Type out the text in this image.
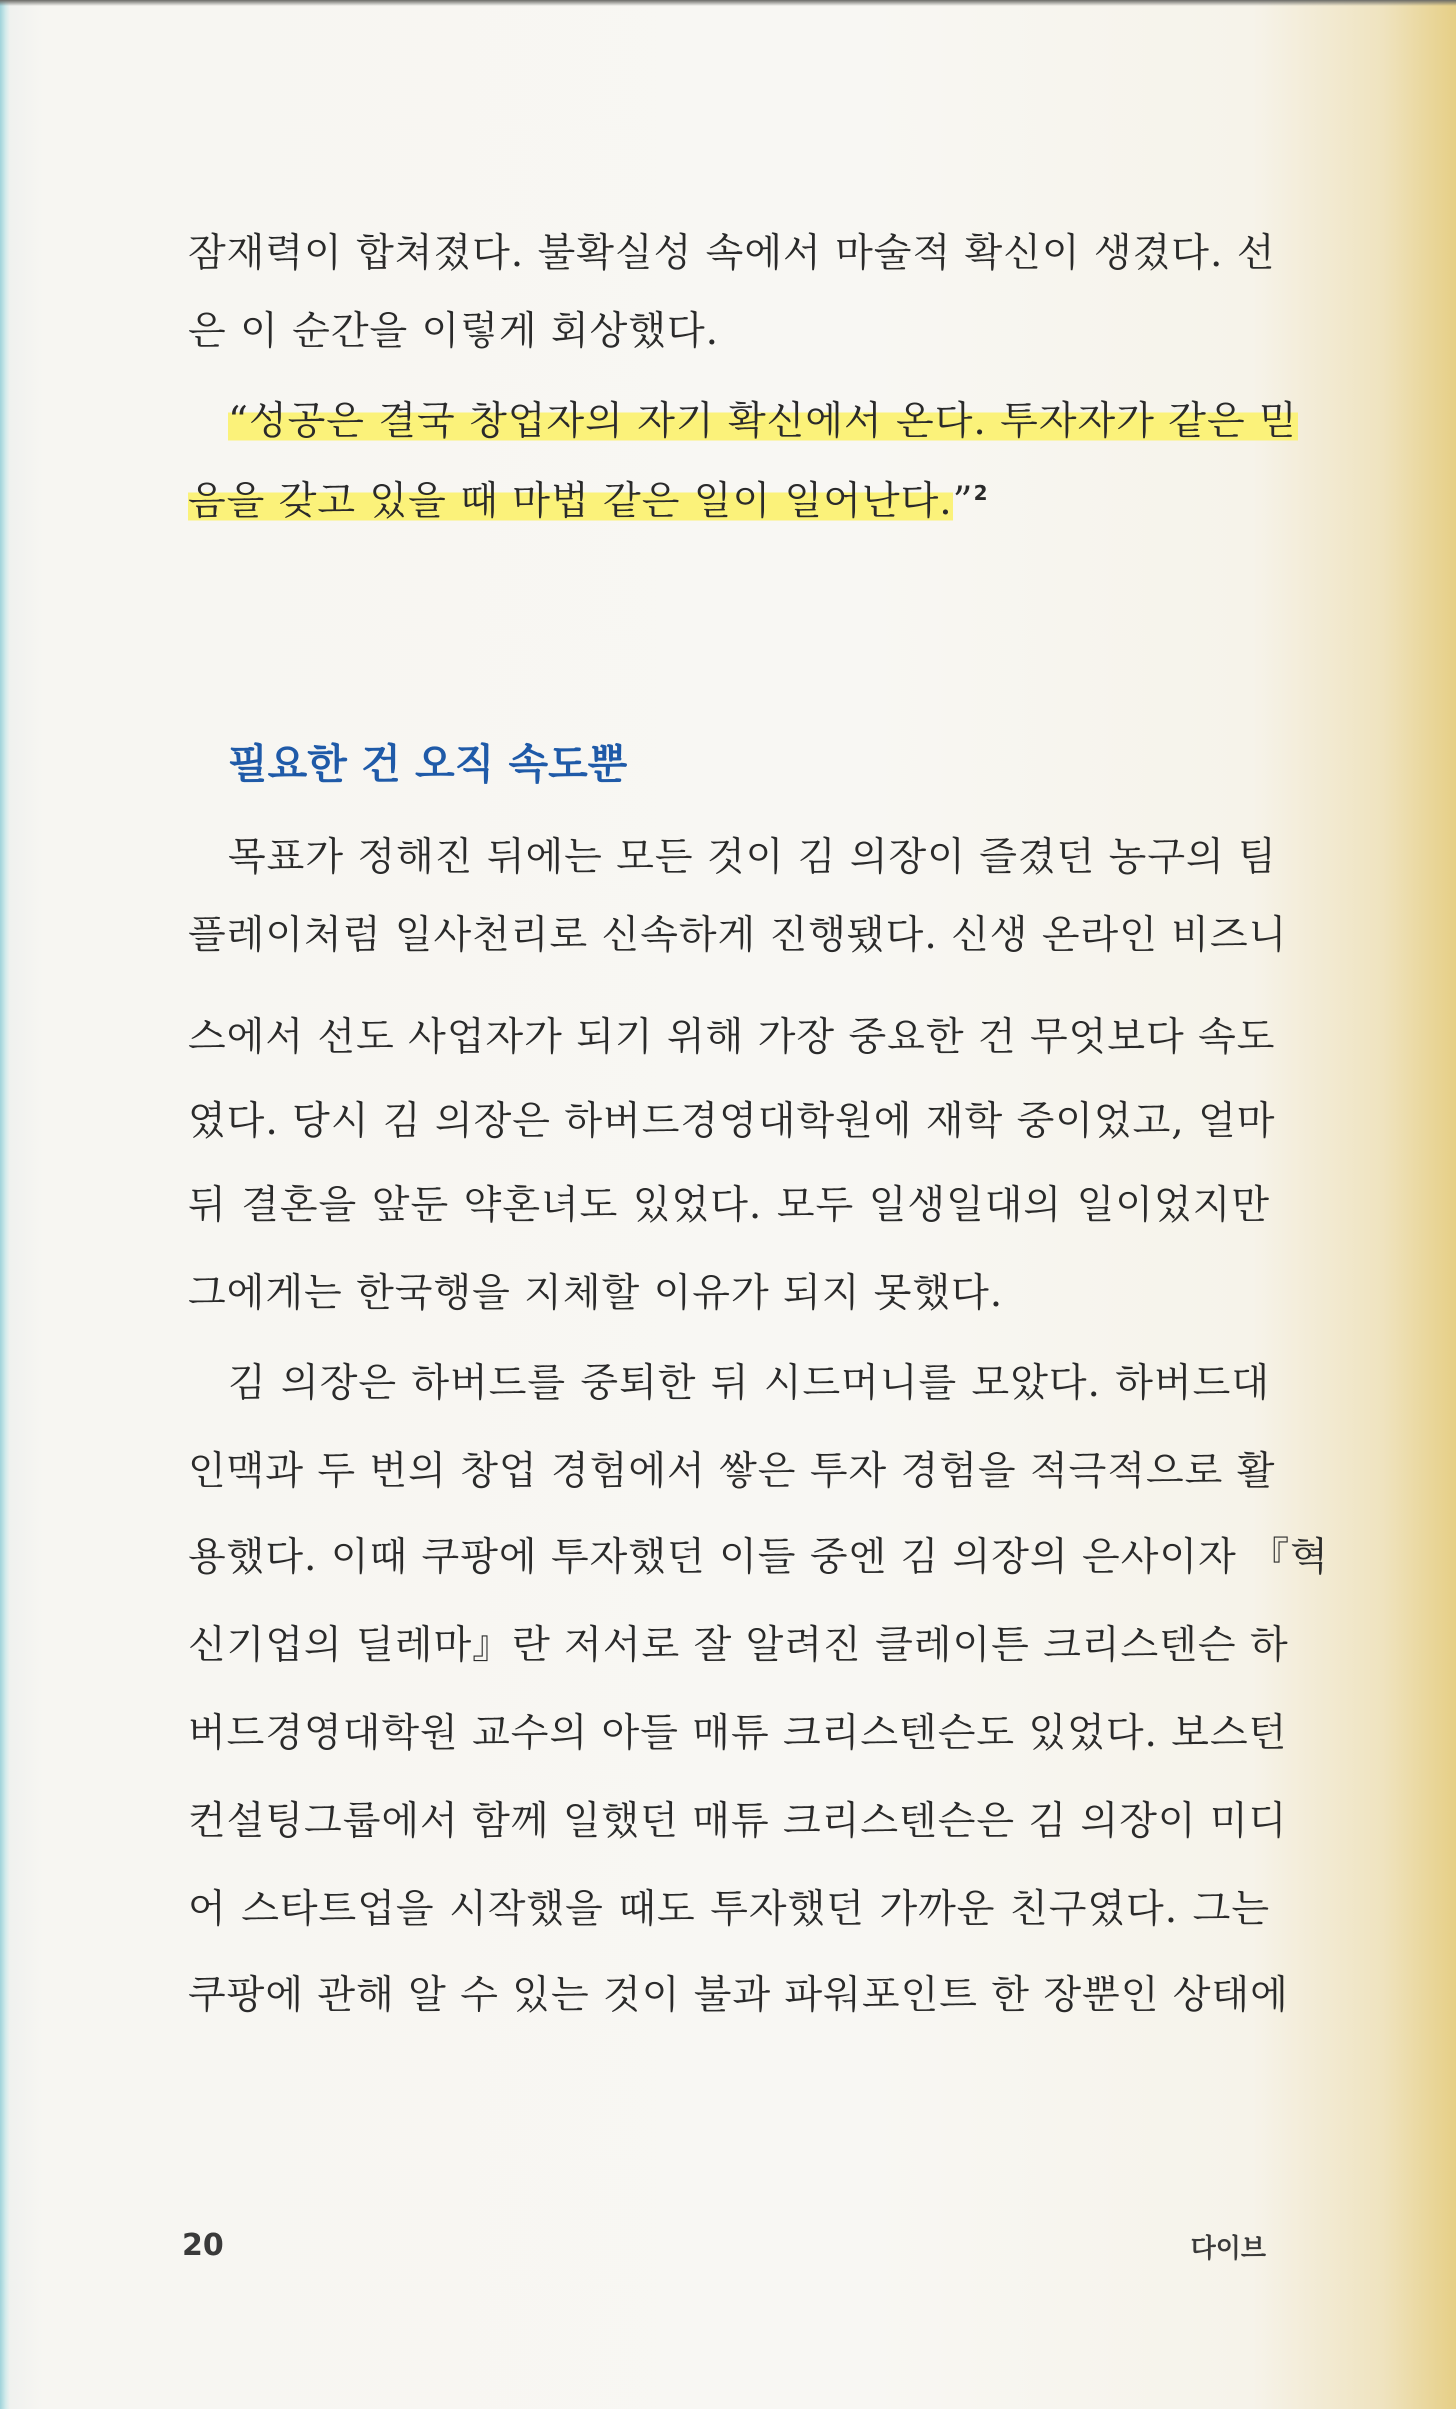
잠재력이 합쳐졌다. 불확실성 속에서 마술적 확신이 생겼다. 선
은 이 순간을 이렇게 회상했다.
“성공은 결국 창업자의 자기 확신에서 온다. 투자자가 같은 믿
음을 갖고 있을 때 마법 같은 일이 일어난다.”$^2$
필요한 건 오직 속도뿐
목표가 정해진 뒤에는 모든 것이 김 의장이 즐겼던 농구의 팀
플레이처럼 일사천리로 신속하게 진행됐다. 신생 온라인 비즈니
스에서 선도 사업자가 되기 위해 가장 중요한 건 무엇보다 속도
였다. 당시 김 의장은 하버드경영대학원에 재학 중이었고, 얼마
뒤 결혼을 앞둔 약혼녀도 있었다. 모두 일생일대의 일이었지만
그에게는 한국행을 지체할 이유가 되지 못했다.
김 의장은 하버드를 중퇴한 뒤 시드머니를 모았다. 하버드대
인맥과 두 번의 창업 경험에서 쌓은 투자 경험을 적극적으로 활
용했다. 이때 쿠팡에 투자했던 이들 중엔 김 의장의 은사이자 『혁
신기업의 딜레마』란 저서로 잘 알려진 클레이튼 크리스텐슨 하
버드경영대학원 교수의 아들 매튜 크리스텐슨도 있었다. 보스턴
컨설팅그룹에서 함께 일했던 매튜 크리스텐슨은 김 의장이 미디
어 스타트업을 시작했을 때도 투자했던 가까운 친구였다. 그는
쿠팡에 관해 알 수 있는 것이 불과 파워포인트 한 장뿐인 상태에
20	다이브
